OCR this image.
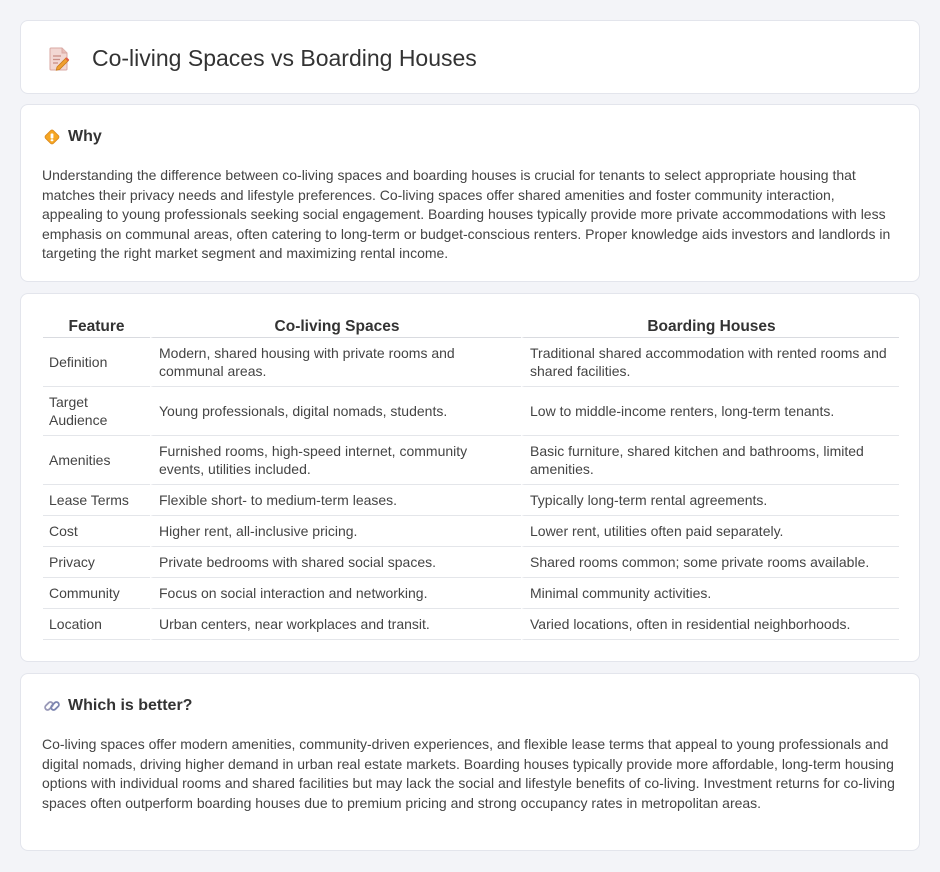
Co-living Spaces vs Boarding Houses
Why

Understanding the difference between co-living spaces and boarding houses is crucial for tenants to select appropriate housing that matches their privacy needs and lifestyle preferences. Co-living spaces offer shared amenities and foster community interaction, appealing to young professionals seeking social engagement. Boarding houses typically provide more private accommodations with less emphasis on communal areas, often catering to long-term or budget-conscious renters. Proper knowledge aids investors and landlords in targeting the right market segment and maximizing rental income.

Feature	Co-living Spaces	Boarding Houses
Definition	Modern, shared housing with private rooms and communal areas.	Traditional shared accommodation with rented rooms and shared facilities.
Target Audience	Young professionals, digital nomads, students.	Low to middle-income renters, long-term tenants.
Amenities	Furnished rooms, high-speed internet, community events, utilities included.	Basic furniture, shared kitchen and bathrooms, limited amenities.
Lease Terms	Flexible short- to medium-term leases.	Typically long-term rental agreements.
Cost	Higher rent, all-inclusive pricing.	Lower rent, utilities often paid separately.
Privacy	Private bedrooms with shared social spaces.	Shared rooms common; some private rooms available.
Community	Focus on social interaction and networking.	Minimal community activities.
Location	Urban centers, near workplaces and transit.	Varied locations, often in residential neighborhoods.
Which is better?

Co-living spaces offer modern amenities, community-driven experiences, and flexible lease terms that appeal to young professionals and digital nomads, driving higher demand in urban real estate markets. Boarding houses typically provide more affordable, long-term housing options with individual rooms and shared facilities but may lack the social and lifestyle benefits of co-living. Investment returns for co-living spaces often outperform boarding houses due to premium pricing and strong occupancy rates in metropolitan areas.
